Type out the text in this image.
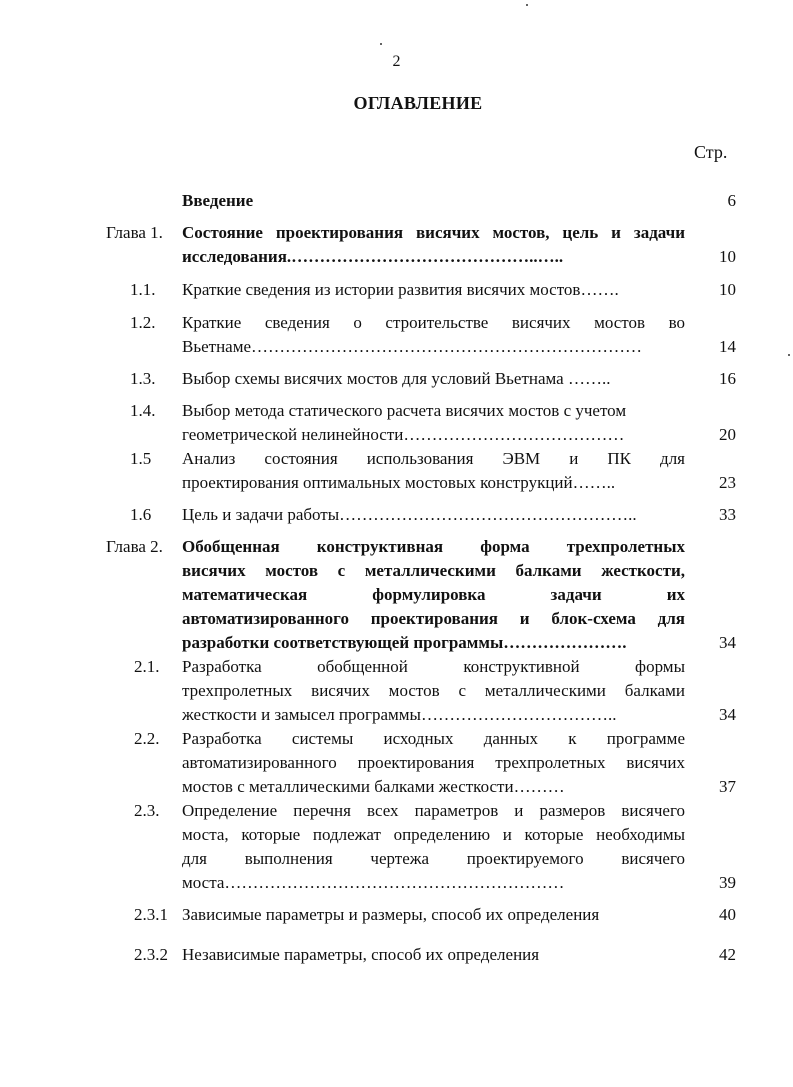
2
ОГЛАВЛЕНИЕ
Стр.
Введение	6
Глава 1. Состояние проектирования висячих мостов, цель и задачи
исследования.……………………………………..…..	10
1.1. Краткие сведения из истории развития висячих мостов…….	10
1.2. Краткие сведения о строительстве висячих мостов во
Вьетнаме……………………………………………………………	14
1.3. Выбор схемы висячих мостов для условий Вьетнама ……..	16
1.4. Выбор метода статического расчета висячих мостов с учетом
геометрической нелинейности…………………………………	20
1.5 Анализ состояния использования ЭВМ и ПК для
проектирования оптимальных мостовых конструкций……..	23
1.6 Цель и задачи работы……………………………………………..	33
Глава 2. Обобщенная конструктивная форма трехпролетных
висячих мостов с металлическими балками жесткости,
математическая формулировка задачи их
автоматизированного проектирования и блок-схема для
разработки соответствующей программы………………….	34
2.1. Разработка обобщенной конструктивной формы
трехпролетных висячих мостов с металлическими балками
жесткости и замысел программы……………………………..	34
2.2. Разработка системы исходных данных к программе
автоматизированного проектирования трехпролетных висячих
мостов с металлическими балками жесткости………	37
2.3. Определение перечня всех параметров и размеров висячего
моста, которые подлежат определению и которые необходимы
для выполнения чертежа проектируемого висячего
моста……………………………………………………	39
2.3.1 Зависимые параметры и размеры, способ их определения	40
2.3.2 Независимые параметры, способ их определения	42
